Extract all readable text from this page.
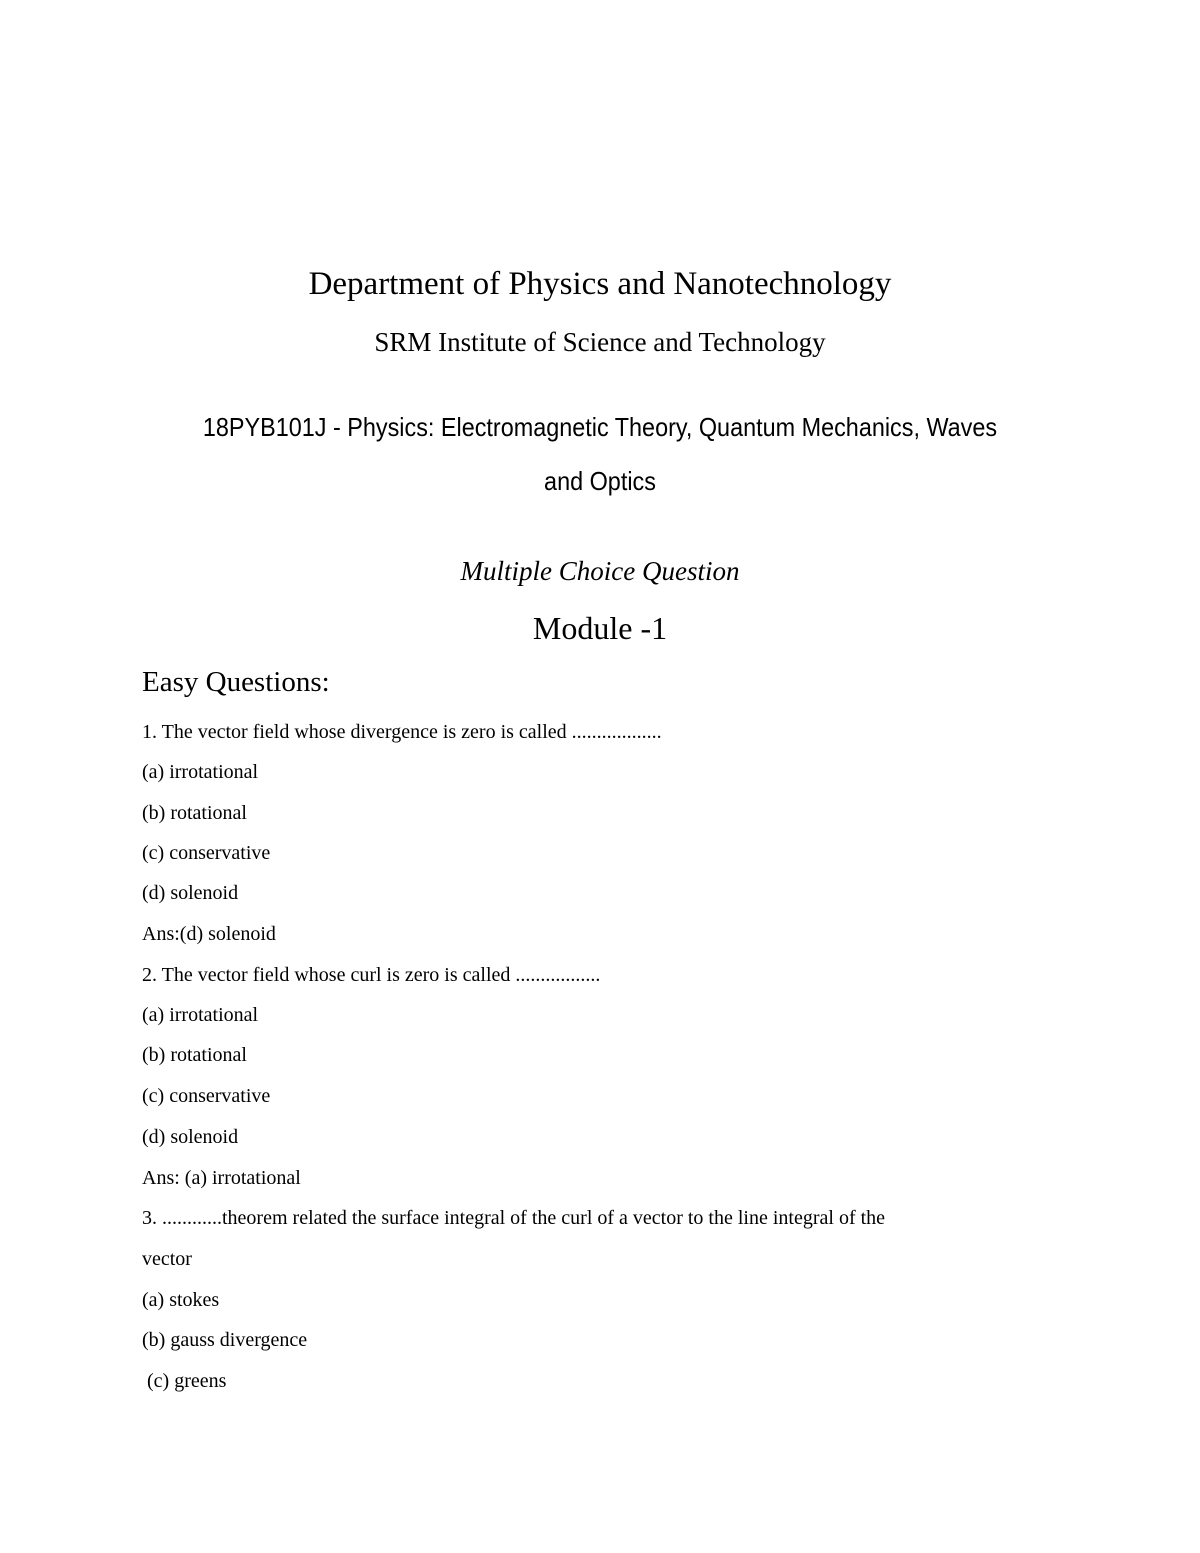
Department of Physics and Nanotechnology
SRM Institute of Science and Technology
18PYB101J - Physics: Electromagnetic Theory, Quantum Mechanics, Waves
and Optics
Multiple Choice Question
Module -1
Easy Questions:
1. The vector field whose divergence is zero is called ..................
(a) irrotational
(b) rotational
(c) conservative
(d) solenoid
Ans:(d) solenoid
2. The vector field whose curl is zero is called .................
(a) irrotational
(b) rotational
(c) conservative
(d) solenoid
Ans: (a) irrotational
3. ............theorem related the surface integral of the curl of a vector to the line integral of the
vector
(a) stokes
(b) gauss divergence
(c) greens
